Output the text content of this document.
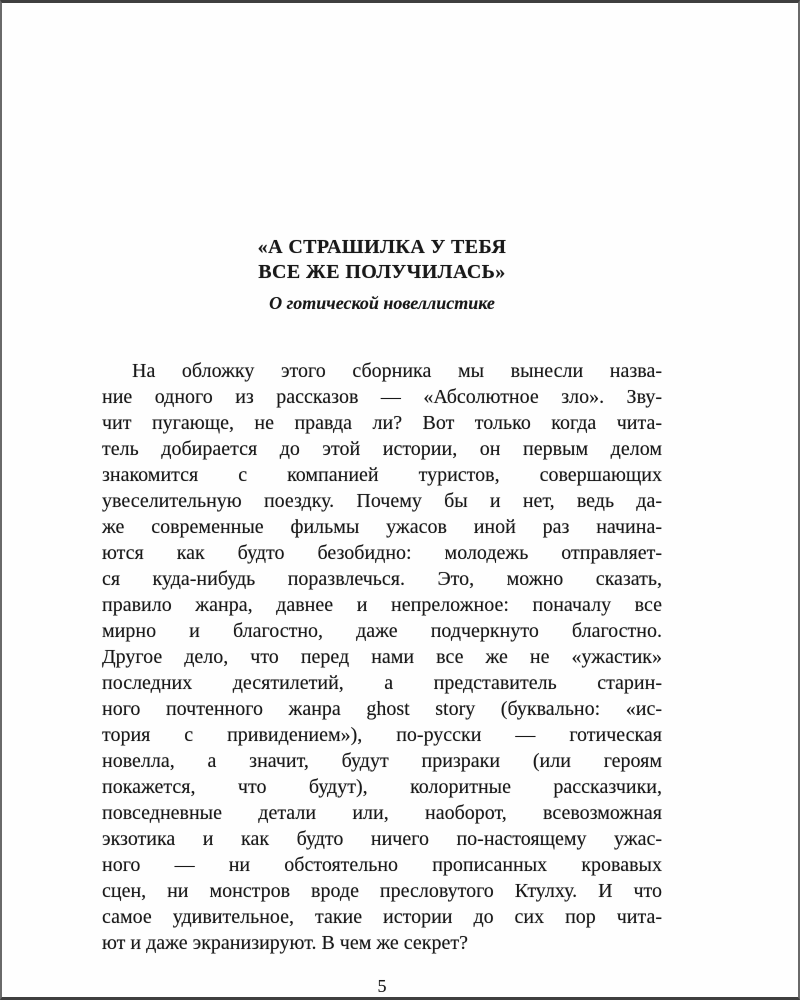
«А СТРАШИЛКА У ТЕБЯ
ВСЕ ЖЕ ПОЛУЧИЛАСЬ»
О готической новеллистике
На обложку этого сборника мы вынесли назва-
ние одного из рассказов — «Абсолютное зло». Зву-
чит пугающе, не правда ли? Вот только когда чита-
тель добирается до этой истории, он первым делом
знакомится с компанией туристов, совершающих
увеселительную поездку. Почему бы и нет, ведь да-
же современные фильмы ужасов иной раз начина-
ются как будто безобидно: молодежь отправляет-
ся куда-нибудь поразвлечься. Это, можно сказать,
правило жанра, давнее и непреложное: поначалу все
мирно и благостно, даже подчеркнуто благостно.
Другое дело, что перед нами все же не «ужастик»
последних десятилетий, а представитель старин-
ного почтенного жанра ghost story (буквально: «ис-
тория с привидением»), по-русски — готическая
новелла, а значит, будут призраки (или героям
покажется, что будут), колоритные рассказчики,
повседневные детали или, наоборот, всевозможная
экзотика и как будто ничего по-настоящему ужас-
ного — ни обстоятельно прописанных кровавых
сцен, ни монстров вроде пресловутого Ктулху. И что
самое удивительное, такие истории до сих пор чита-
ют и даже экранизируют. В чем же секрет?
5
